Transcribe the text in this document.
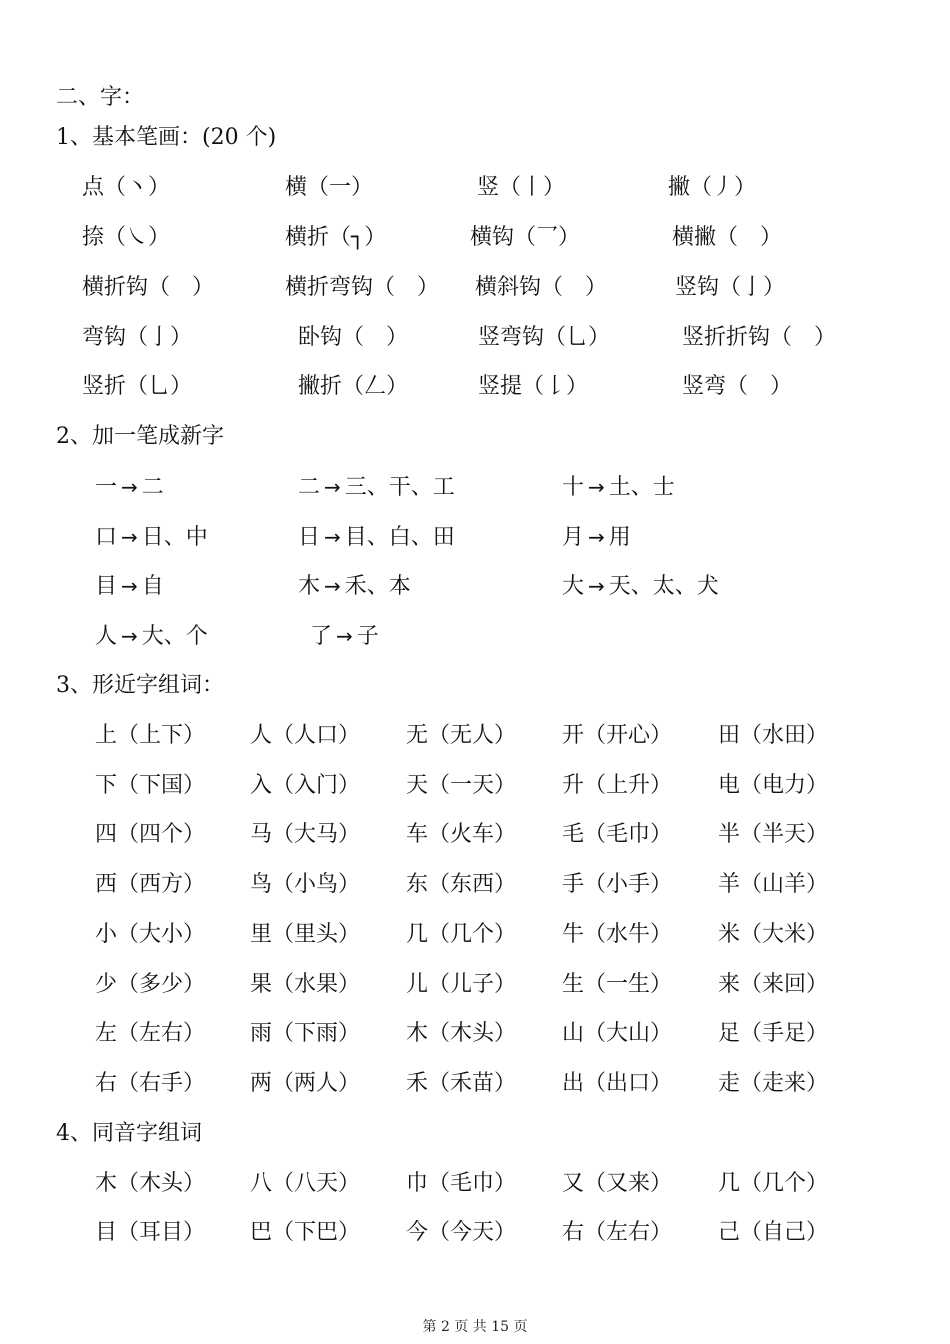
二、字：
1、基本笔画：(20 个)
点（丶）	横（一）	竖（丨）	撇（丿）
捺（㇏）	横折（┐）	横钩（乛）	横撇（　）
横折钩（　）	横折弯钩（　） 横斜钩（　）	竖钩（亅）
弯钩（亅）	卧钩（　）	竖弯钩（乚）	竖折折钩（　）
竖折（乚）	撇折（𠃋）	竖提（𠄌）	竖弯（　）
2、加一笔成新字
一 → 二	二 → 三、干、工	十 → 土、士
口 → 日、中	日 → 目、白、田	月 → 用
目 → 自	木 → 禾、本	大 → 天、太、犬
人 → 大、个	了 → 子
3、形近字组词：
上（上下） 人（人口） 无（无人） 开（开心） 田（水田）
下（下国） 入（入门） 天（一天） 升（上升） 电（电力）
四（四个） 马（大马） 车（火车） 毛（毛巾） 半（半天）
西（西方） 鸟（小鸟） 东（东西） 手（小手） 羊（山羊）
小（大小） 里（里头） 几（几个） 牛（水牛） 米（大米）
少（多少） 果（水果） 儿（儿子） 生（一生） 来（来回）
左（左右） 雨（下雨） 木（木头） 山（大山） 足（手足）
右（右手） 两（两人） 禾（禾苗） 出（出口） 走（走来）
4、同音字组词
木（木头） 八（八天） 巾（毛巾） 又（又来） 几（几个）
目（耳目） 巴（下巴） 今（今天） 右（左右） 己（自己）
第 2 页 共 15 页
